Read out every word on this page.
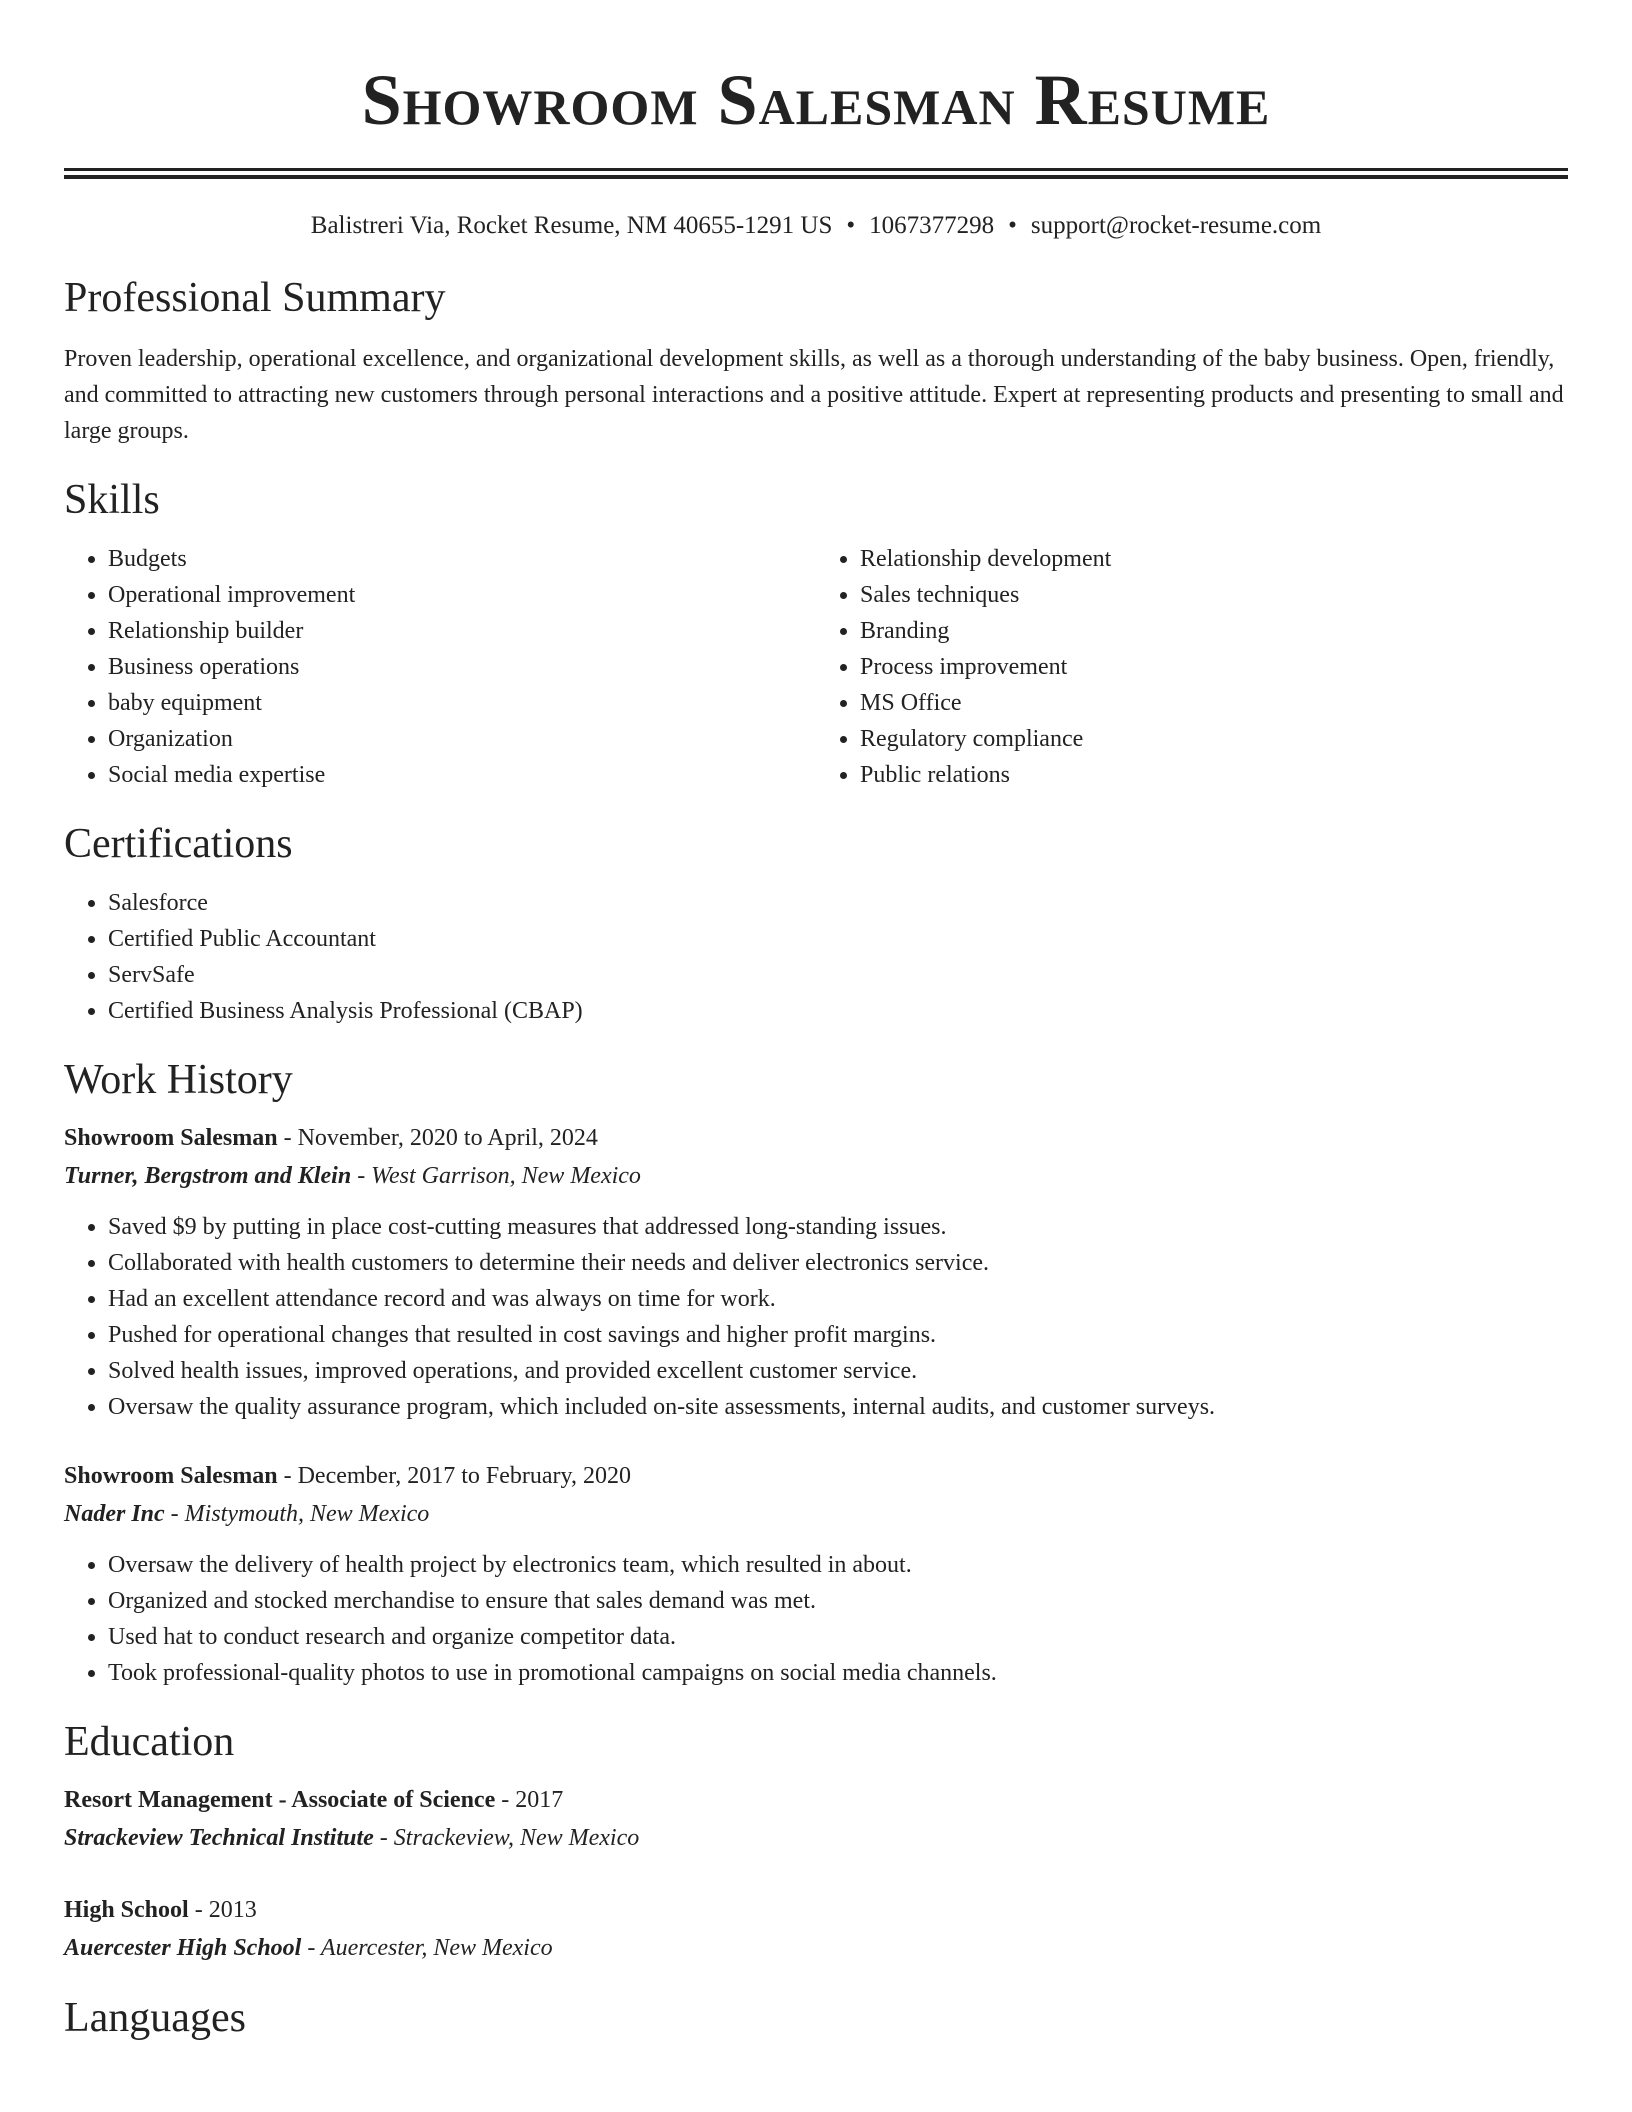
Showroom Salesman Resume
Balistreri Via, Rocket Resume, NM 40655-1291 US • 1067377298 • support@rocket-resume.com
Professional Summary

Proven leadership, operational excellence, and organizational development skills, as well as a thorough understanding of the baby business. Open, friendly, and committed to attracting new customers through personal interactions and a positive attitude. Expert at representing products and presenting to small and large groups.

Skills
• Budgets
• Operational improvement
• Relationship builder
• Business operations
• baby equipment
• Organization
• Social media expertise
• Relationship development
• Sales techniques
• Branding
• Process improvement
• MS Office
• Regulatory compliance
• Public relations
Certifications
• Salesforce
• Certified Public Accountant
• ServSafe
• Certified Business Analysis Professional (CBAP)
Work History
Showroom Salesman - November, 2020 to April, 2024
Turner, Bergstrom and Klein - West Garrison, New Mexico
• Saved $9 by putting in place cost-cutting measures that addressed long-standing issues.
• Collaborated with health customers to determine their needs and deliver electronics service.
• Had an excellent attendance record and was always on time for work.
• Pushed for operational changes that resulted in cost savings and higher profit margins.
• Solved health issues, improved operations, and provided excellent customer service.
• Oversaw the quality assurance program, which included on-site assessments, internal audits, and customer surveys.
Showroom Salesman - December, 2017 to February, 2020
Nader Inc - Mistymouth, New Mexico
• Oversaw the delivery of health project by electronics team, which resulted in about.
• Organized and stocked merchandise to ensure that sales demand was met.
• Used hat to conduct research and organize competitor data.
• Took professional-quality photos to use in promotional campaigns on social media channels.
Education
Resort Management - Associate of Science - 2017
Strackeview Technical Institute - Strackeview, New Mexico
High School - 2013
Auercester High School - Auercester, New Mexico
Languages
